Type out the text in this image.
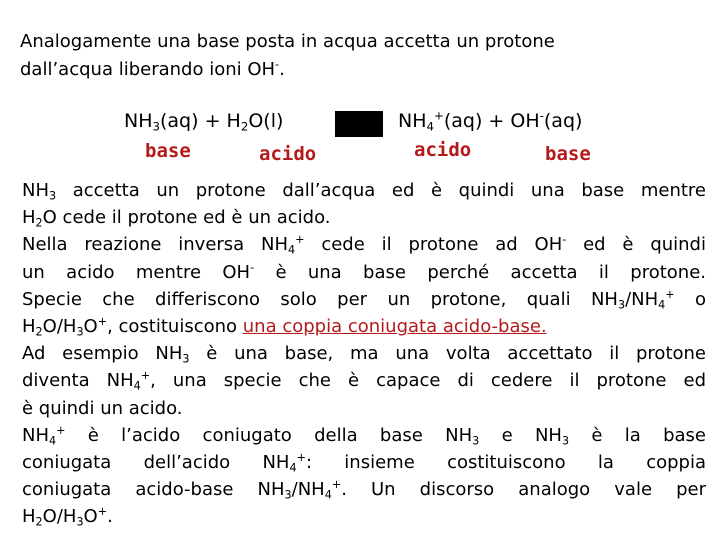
Analogamente una base posta in acqua accetta un protone
dall’acqua liberando ioni OH-.
$NH_3(aq) + H_2O(l)$	$NH_4^+(aq) + OH^-(aq)$
base	acido	acido	base
$NH_3$ accetta un protone dall’acqua ed è quindi una base mentre
$H_2O$ cede il protone ed è un acido.
Nella reazione inversa $NH_4^+$ cede il protone ad OH- ed è quindi
un acido mentre OH- è una base perché accetta il protone.
Specie che differiscono solo per un protone, quali $NH_3/NH_4^+$ o
$H_2O/H_3O^+$, costituiscono una coppia coniugata acido-base.
Ad esempio $NH_3$ è una base, ma una volta accettato il protone
diventa $NH_4^+$, una specie che è capace di cedere il protone ed
è quindi un acido.
$NH_4^+$ è l’acido coniugato della base $NH_3$ e $NH_3$ è la base
coniugata dell’acido $NH_4^+$: insieme costituiscono la coppia
coniugata acido-base $NH_3/NH_4^+$. Un discorso analogo vale per
$H_2O/H_3O^+$.
